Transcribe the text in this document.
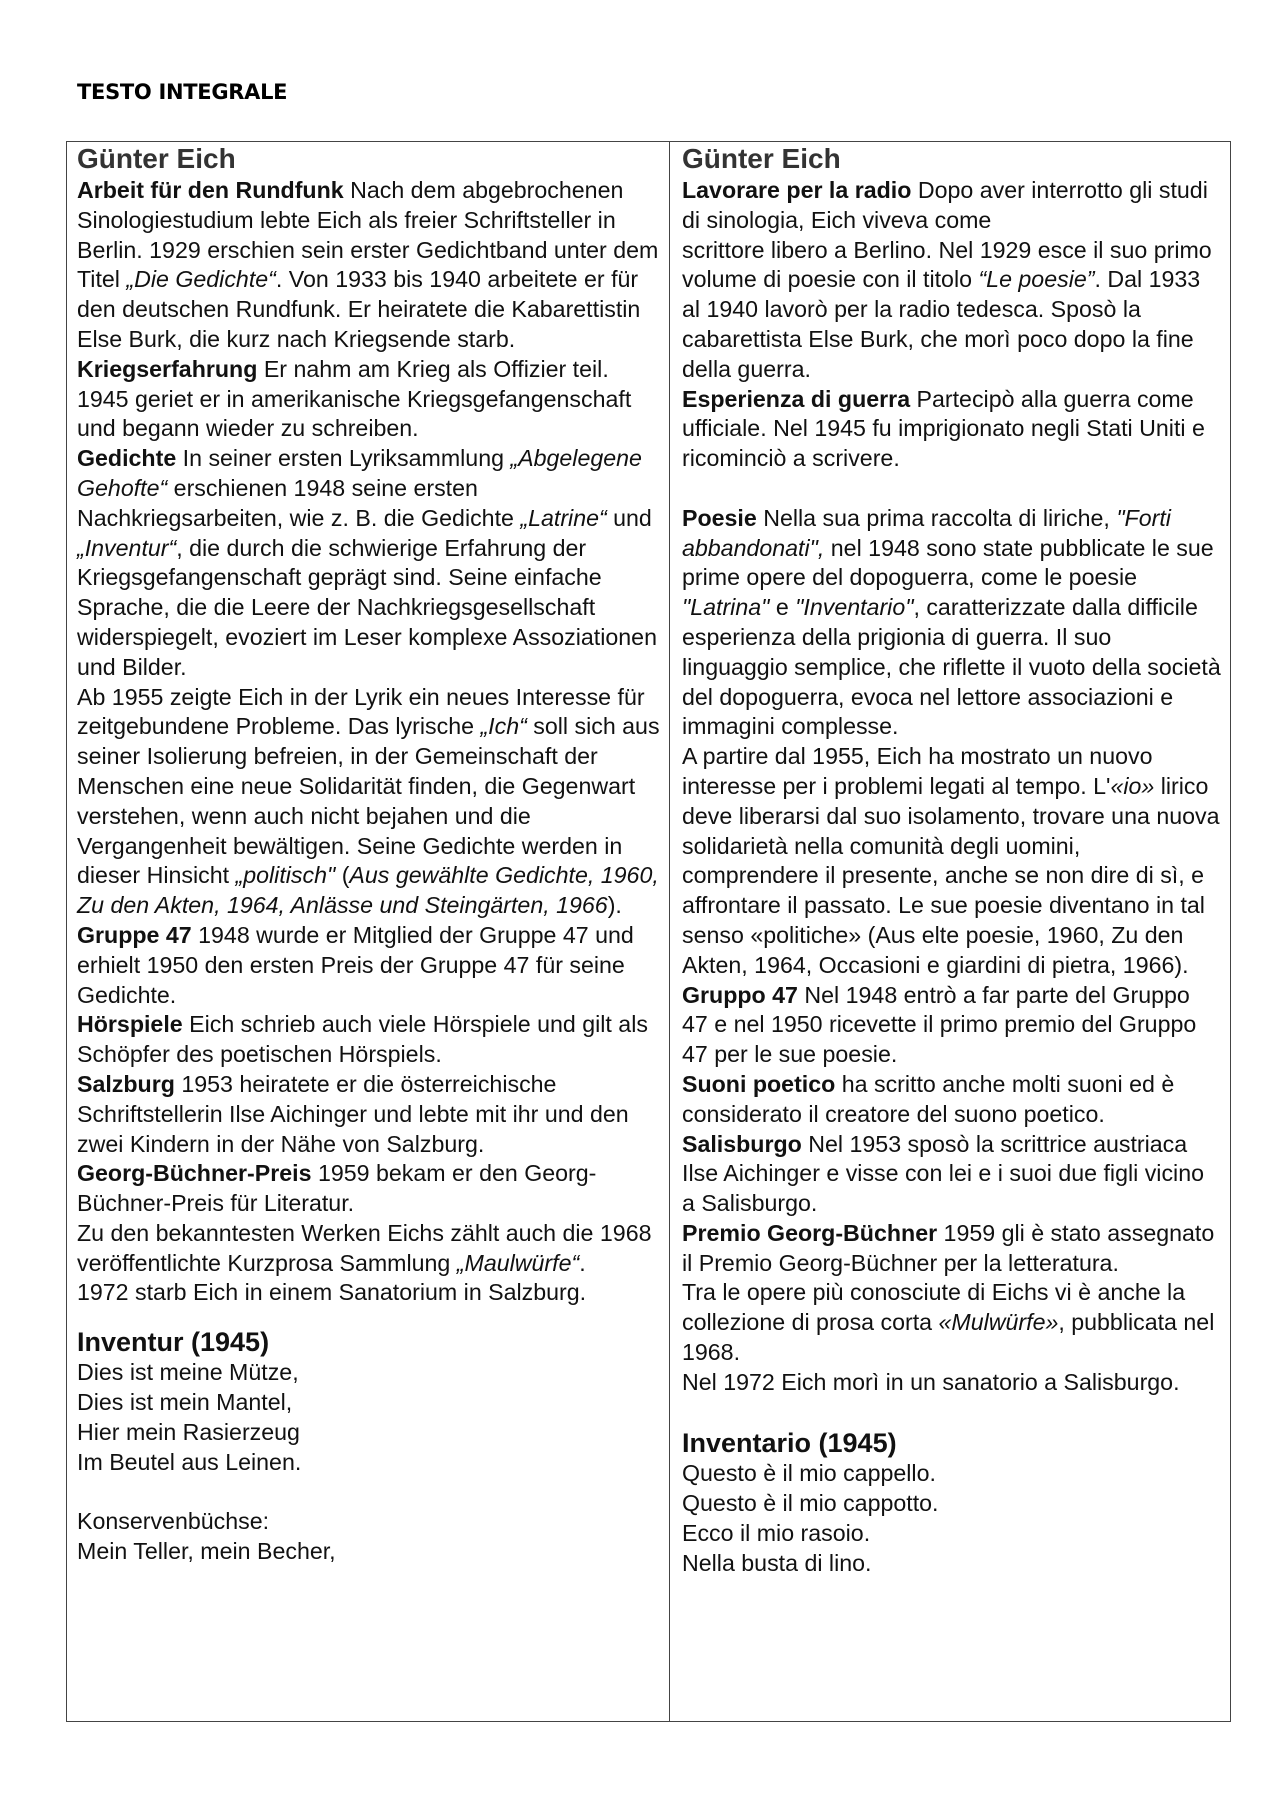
TESTO INTEGRALE
Günter Eich

Arbeit für den Rundfunk Nach dem abgebrochenen Sinologiestudium lebte Eich als freier Schriftsteller in Berlin. 1929 erschien sein erster Gedichtband unter dem Titel „Die Gedichte“. Von 1933 bis 1940 arbeitete er für den deutschen Rundfunk. Er heiratete die Kabarettistin Else Burk, die kurz nach Kriegsende starb.

Kriegserfahrung Er nahm am Krieg als Offizier teil. 1945 geriet er in amerikanische Kriegsgefangenschaft und begann wieder zu schreiben.

Gedichte In seiner ersten Lyriksammlung „Abgelegene Gehofte“ erschienen 1948 seine ersten Nachkriegsarbeiten, wie z. B. die Gedichte „Latrine“ und „Inventur“, die durch die schwierige Erfahrung der Kriegsgefangenschaft geprägt sind. Seine einfache Sprache, die die Leere der Nachkriegsgesellschaft widerspiegelt, evoziert im Leser komplexe Assoziationen und Bilder.

Ab 1955 zeigte Eich in der Lyrik ein neues Interesse für zeitgebundene Probleme. Das lyrische „Ich“ soll sich aus seiner Isolierung befreien, in der Gemeinschaft der Menschen eine neue Solidarität finden, die Gegenwart verstehen, wenn auch nicht bejahen und die Vergangenheit bewältigen. Seine Gedichte werden in dieser Hinsicht „politisch" (Aus gewählte Gedichte, 1960, Zu den Akten, 1964, Anlässe und Steingärten, 1966).

Gruppe 47 1948 wurde er Mitglied der Gruppe 47 und erhielt 1950 den ersten Preis der Gruppe 47 für seine Gedichte.

Hörspiele Eich schrieb auch viele Hörspiele und gilt als Schöpfer des poetischen Hörspiels.

Salzburg 1953 heiratete er die österreichische Schriftstellerin Ilse Aichinger und lebte mit ihr und den zwei Kindern in der Nähe von Salzburg.

Georg-Büchner-Preis 1959 bekam er den Georg-Büchner-Preis für Literatur.

Zu den bekanntesten Werken Eichs zählt auch die 1968 veröffentlichte Kurzprosa Sammlung „Maulwürfe“.

1972 starb Eich in einem Sanatorium in Salzburg.

Inventur (1945)

Dies ist meine Mütze,

Dies ist mein Mantel,

Hier mein Rasierzeug

Im Beutel aus Leinen.

Konservenbüchse:

Mein Teller, mein Becher,

Günter Eich

Lavorare per la radio Dopo aver interrotto gli studi di sinologia, Eich viveva come
scrittore libero a Berlino. Nel 1929 esce il suo primo volume di poesie con il titolo “Le poesie”. Dal 1933 al 1940 lavorò per la radio tedesca. Sposò la cabarettista Else Burk, che morì poco dopo la fine della guerra.

Esperienza di guerra Partecipò alla guerra come ufficiale. Nel 1945 fu imprigionato negli Stati Uniti e ricominciò a scrivere.

Poesie Nella sua prima raccolta di liriche, "Forti abbandonati", nel 1948 sono state pubblicate le sue prime opere del dopoguerra, come le poesie "Latrina" e "Inventario", caratterizzate dalla difficile esperienza della prigionia di guerra. Il suo linguaggio semplice, che riflette il vuoto della società del dopoguerra, evoca nel lettore associazioni e immagini complesse.

A partire dal 1955, Eich ha mostrato un nuovo interesse per i problemi legati al tempo. L'«io» lirico deve liberarsi dal suo isolamento, trovare una nuova solidarietà nella comunità degli uomini, comprendere il presente, anche se non dire di sì, e affrontare il passato. Le sue poesie diventano in tal senso «politiche» (Aus elte poesie, 1960, Zu den Akten, 1964, Occasioni e giardini di pietra, 1966).

Gruppo 47 Nel 1948 entrò a far parte del Gruppo 47 e nel 1950 ricevette il primo premio del Gruppo 47 per le sue poesie.

Suoni poetico ha scritto anche molti suoni ed è considerato il creatore del suono poetico.

Salisburgo Nel 1953 sposò la scrittrice austriaca Ilse Aichinger e visse con lei e i suoi due figli vicino a Salisburgo.

Premio Georg-Büchner 1959 gli è stato assegnato il Premio Georg-Büchner per la letteratura.

Tra le opere più conosciute di Eichs vi è anche la collezione di prosa corta «Mulwürfe», pubblicata nel 1968.

Nel 1972 Eich morì in un sanatorio a Salisburgo.

Inventario (1945)

Questo è il mio cappello.

Questo è il mio cappotto.

Ecco il mio rasoio.

Nella busta di lino.
